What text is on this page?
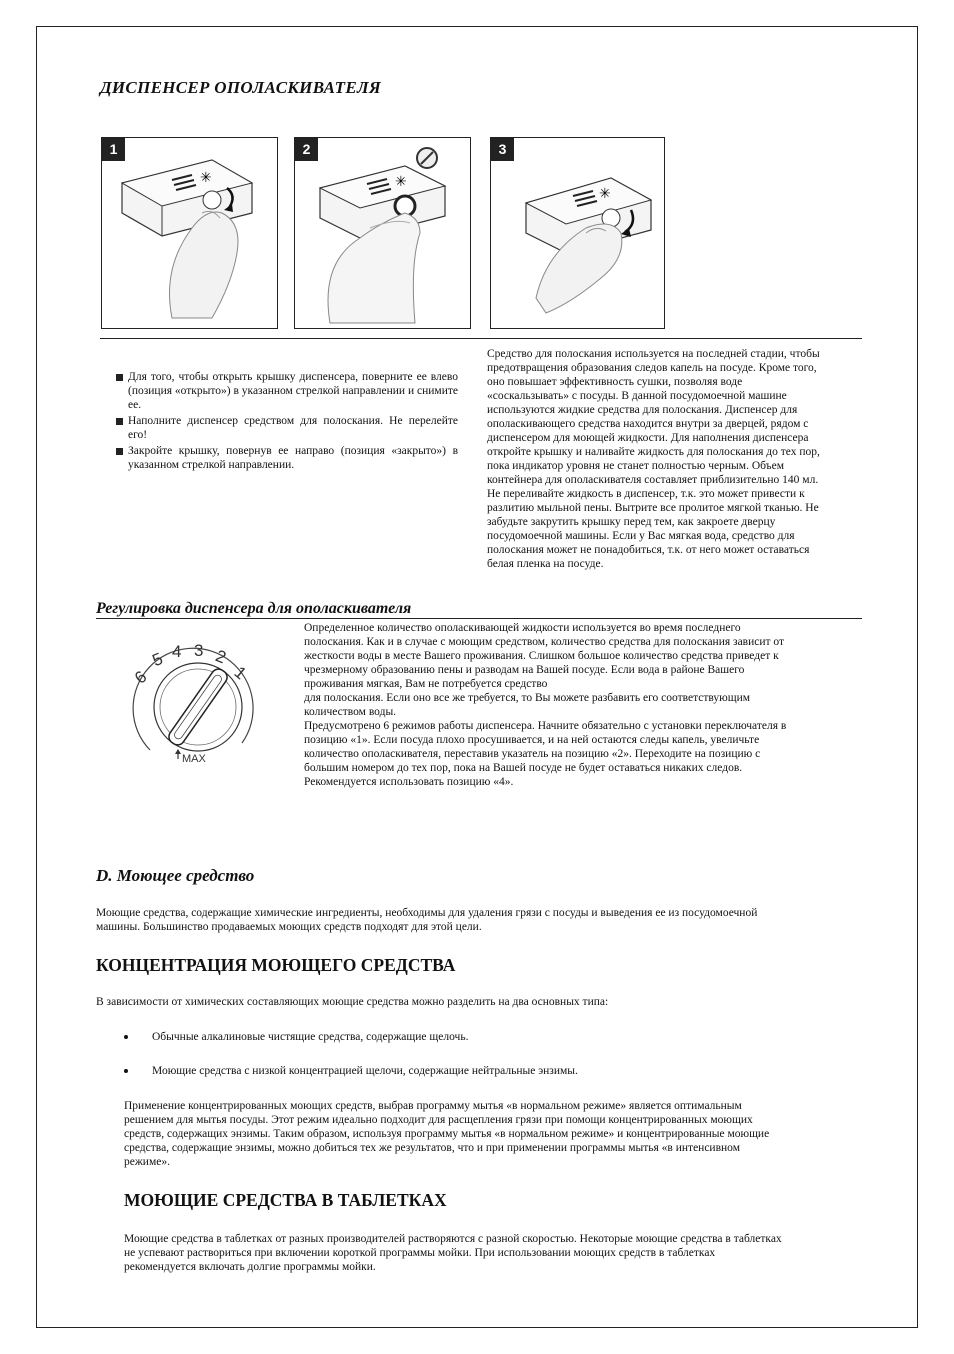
ДИСПЕНСЕР ОПОЛАСКИВАТЕЛЯ
1
✳
2
✳
3
✳
Для того, чтобы открыть крышку диспенсера, поверните ее влево (позиция «открыто») в указанном стрелкой направлении и снимите ее.
Наполните диспенсер средством для полоскания. Не перелейте его!
Закройте крышку, повернув ее направо (позиция «закрыто») в указанном стрелкой направлении.
Средство для полоскания используется на последней стадии, чтобы
предотвращения образования следов капель на посуде. Кроме того,
оно повышает эффективность сушки, позволяя воде
«соскальзывать» с посуды. В данной посудомоечной машине
используются жидкие средства для полоскания. Диспенсер для
ополаскивающего средства находится внутри за дверцей, рядом с
диспенсером для моющей жидкости. Для наполнения диспенсера
откройте крышку и наливайте жидкость для полоскания до тех пор,
пока индикатор уровня не станет полностью черным. Объем
контейнера для ополаскивателя составляет приблизительно 140 мл.
Не переливайте жидкость в диспенсер, т.к. это может привести к
разлитию мыльной пены. Вытрите все пролитое мягкой тканью. Не
забудьте закрутить крышку перед тем, как закроете дверцу
посудомоечной машины. Если у Вас мягкая вода, средство для
полоскания может не понадобиться, т.к. от него может оставаться
белая пленка на посуде.
Регулировка диспенсера для ополаскивателя
6
5 4 3 2
1
MAX
Определенное количество ополаскивающей жидкости используется во время последнего
полоскания. Как и в случае с моющим средством, количество средства для полоскания зависит от
жесткости воды в месте Вашего проживания. Слишком большое количество средства приведет к
чрезмерному образованию пены и разводам на Вашей посуде. Если вода в районе Вашего
проживания мягкая, Вам не потребуется средство
для полоскания. Если оно все же требуется, то Вы можете разбавить его соответствующим
количеством воды.
Предусмотрено 6 режимов работы диспенсера. Начните обязательно с установки переключателя в
позицию «1». Если посуда плохо просушивается, и на ней остаются следы капель, увеличьте
количество ополаскивателя, переставив указатель на позицию «2». Переходите на позицию с
большим номером до тех пор, пока на Вашей посуде не будет оставаться никаких следов.
Рекомендуется использовать позицию «4».
D. Моющее средство
Моющие средства, содержащие химические ингредиенты, необходимы для удаления грязи с посуды и выведения ее из посудомоечной
машины. Большинство продаваемых моющих средств подходят для этой цели.
КОНЦЕНТРАЦИЯ МОЮЩЕГО СРЕДСТВА
В зависимости от химических составляющих моющие средства можно разделить на два основных типа:
Обычные алкалиновые чистящие средства, содержащие щелочь.
Моющие средства с низкой концентрацией щелочи, содержащие нейтральные энзимы.
Применение концентрированных моющих средств, выбрав программу мытья «в нормальном режиме» является оптимальным
решением для мытья посуды. Этот режим идеально подходит для расщепления грязи при помощи концентрированных моющих
средств, содержащих энзимы. Таким образом, используя программу мытья «в нормальном режиме» и концентрированные моющие
средства, содержащие энзимы, можно добиться тех же результатов, что и при применении программы мытья «в интенсивном
режиме».
МОЮЩИЕ СРЕДСТВА В ТАБЛЕТКАХ
Моющие средства в таблетках от разных производителей растворяются с разной скоростью. Некоторые моющие средства в таблетках
не успевают раствориться при включении короткой программы мойки. При использовании моющих средств в таблетках
рекомендуется включать долгие программы мойки.
